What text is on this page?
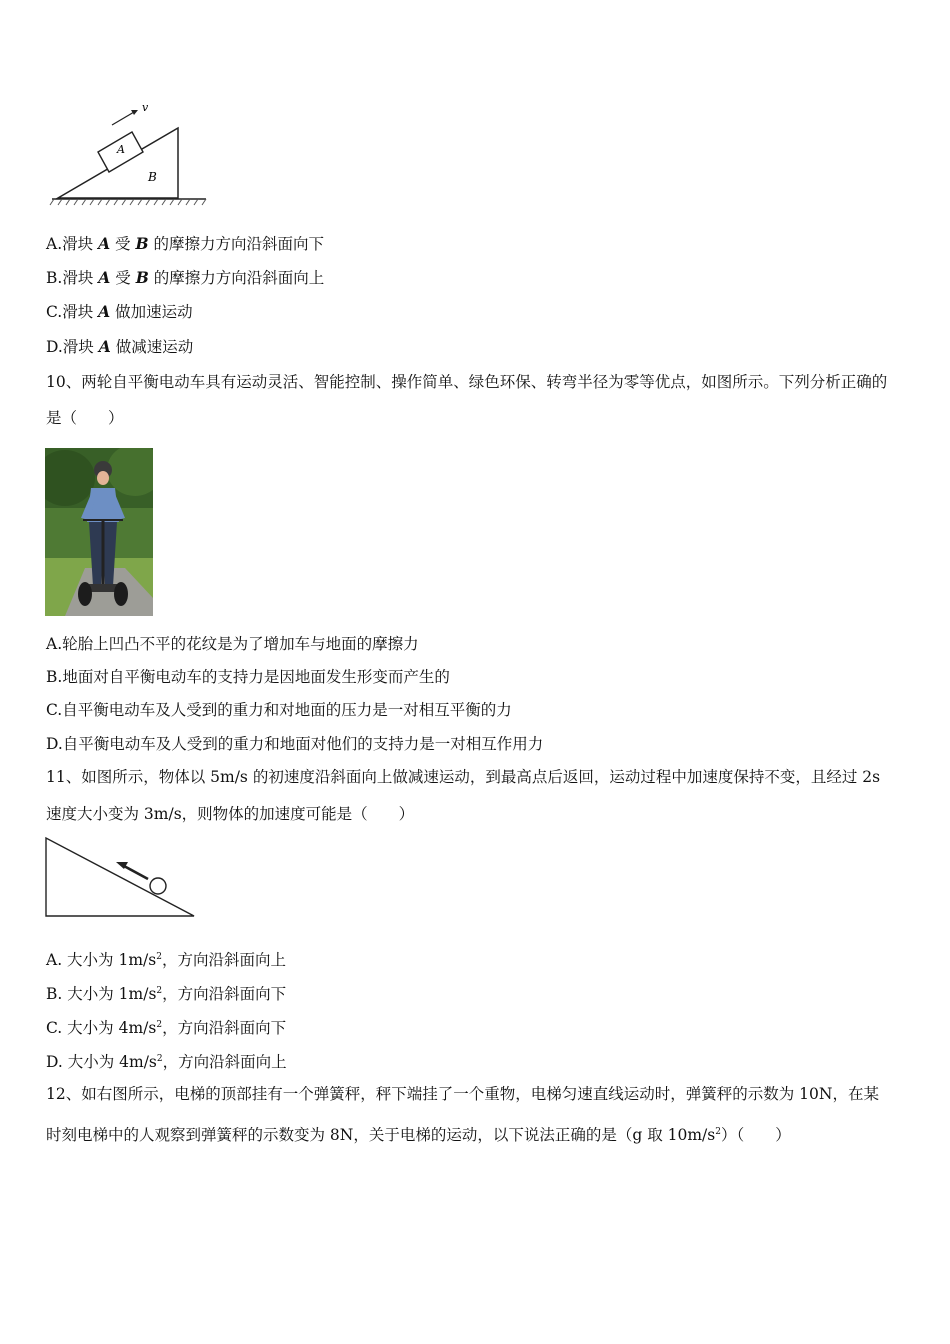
v
A
B
A.滑块 A 受 B 的摩擦力方向沿斜面向下
B.滑块 A 受 B 的摩擦力方向沿斜面向上
C.滑块 A 做加速运动
D.滑块 A 做减速运动
10、两轮自平衡电动车具有运动灵活、智能控制、操作简单、绿色环保、转弯半径为零等优点，如图所示。下列分析正确的
是（　　）
A.轮胎上凹凸不平的花纹是为了增加车与地面的摩擦力
B.地面对自平衡电动车的支持力是因地面发生形变而产生的
C.自平衡电动车及人受到的重力和对地面的压力是一对相互平衡的力
D.自平衡电动车及人受到的重力和地面对他们的支持力是一对相互作用力
11、如图所示，物体以 5m/s 的初速度沿斜面向上做减速运动，到最高点后返回，运动过程中加速度保持不变，且经过 2s
速度大小变为 3m/s，则物体的加速度可能是（　　）
A. 大小为 $1m/s^2$，方向沿斜面向上
B. 大小为 $1m/s^2$，方向沿斜面向下
C. 大小为 $4m/s^2$，方向沿斜面向下
D. 大小为 $4m/s^2$，方向沿斜面向上
12、如右图所示，电梯的顶部挂有一个弹簧秤，秤下端挂了一个重物，电梯匀速直线运动时，弹簧秤的示数为 10N，在某
时刻电梯中的人观察到弹簧秤的示数变为 8N，关于电梯的运动，以下说法正确的是（g 取 $10m/s^2$）（　　）
